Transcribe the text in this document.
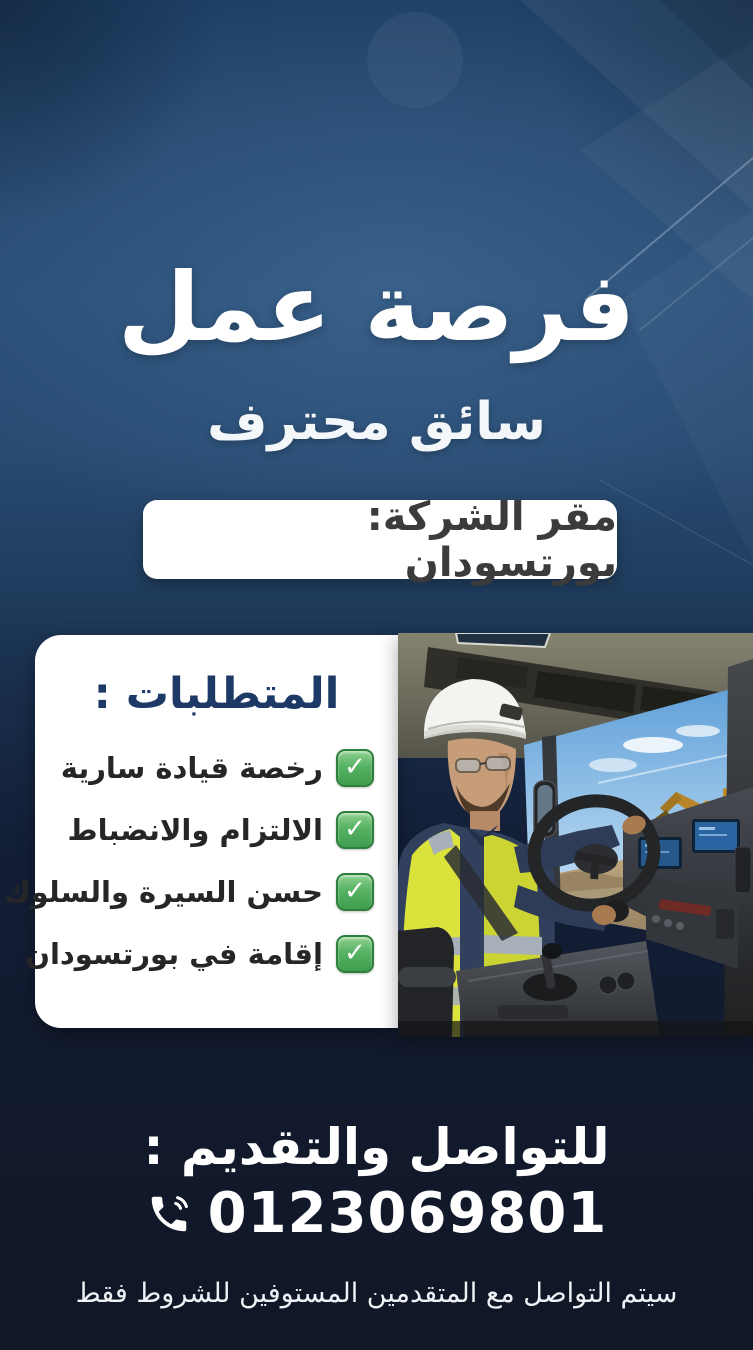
فرصة عمل
سائق محترف
مقر الشركة: بورتسودان
المتطلبات :
✓
رخصة قيادة سارية
✓
الالتزام والانضباط
✓
حسن السيرة والسلوك
✓
إقامة في بورتسودان
للتواصل والتقديم :
0123069801
سيتم التواصل مع المتقدمين المستوفين للشروط فقط
